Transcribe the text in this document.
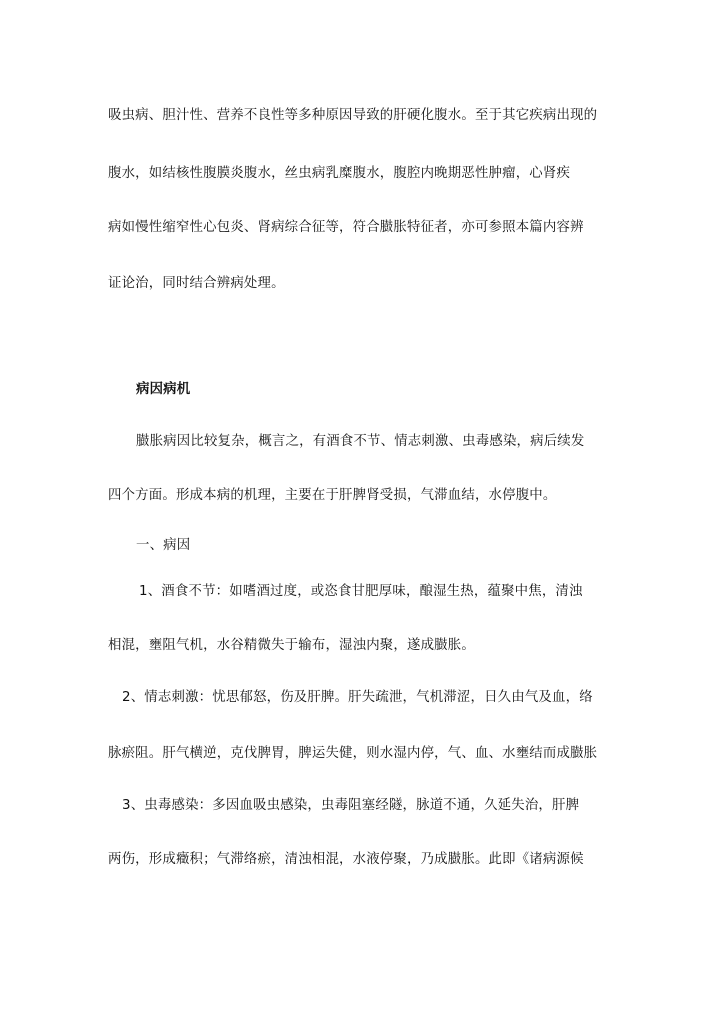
吸虫病、胆汁性、营养不良性等多种原因导致的肝硬化腹水。至于其它疾病出现的
腹水，如结核性腹膜炎腹水，丝虫病乳糜腹水，腹腔内晚期恶性肿瘤，心肾疾
病如慢性缩窄性心包炎、肾病综合征等，符合臌胀特征者，亦可参照本篇内容辨
证论治，同时结合辨病处理。
病因病机
臌胀病因比较复杂，概言之，有酒食不节、情志刺激、虫毒感染，病后续发
四个方面。形成本病的机理，主要在于肝脾肾受损，气滞血结，水停腹中。
一、病因
1、酒食不节：如嗜酒过度，或恣食甘肥厚味，酿湿生热，蕴聚中焦，清浊
相混，壅阻气机，水谷精微失于输布，湿浊内聚，遂成臌胀。
2、情志刺激：忧思郁怒，伤及肝脾。肝失疏泄，气机滞涩，日久由气及血，络
脉瘀阻。肝气横逆，克伐脾胃，脾运失健，则水湿内停，气、血、水壅结而成臌胀
3、虫毒感染：多因血吸虫感染，虫毒阻塞经隧，脉道不通，久延失治，肝脾
两伤，形成癥积；气滞络瘀，清浊相混，水液停聚，乃成臌胀。此即《诸病源候
